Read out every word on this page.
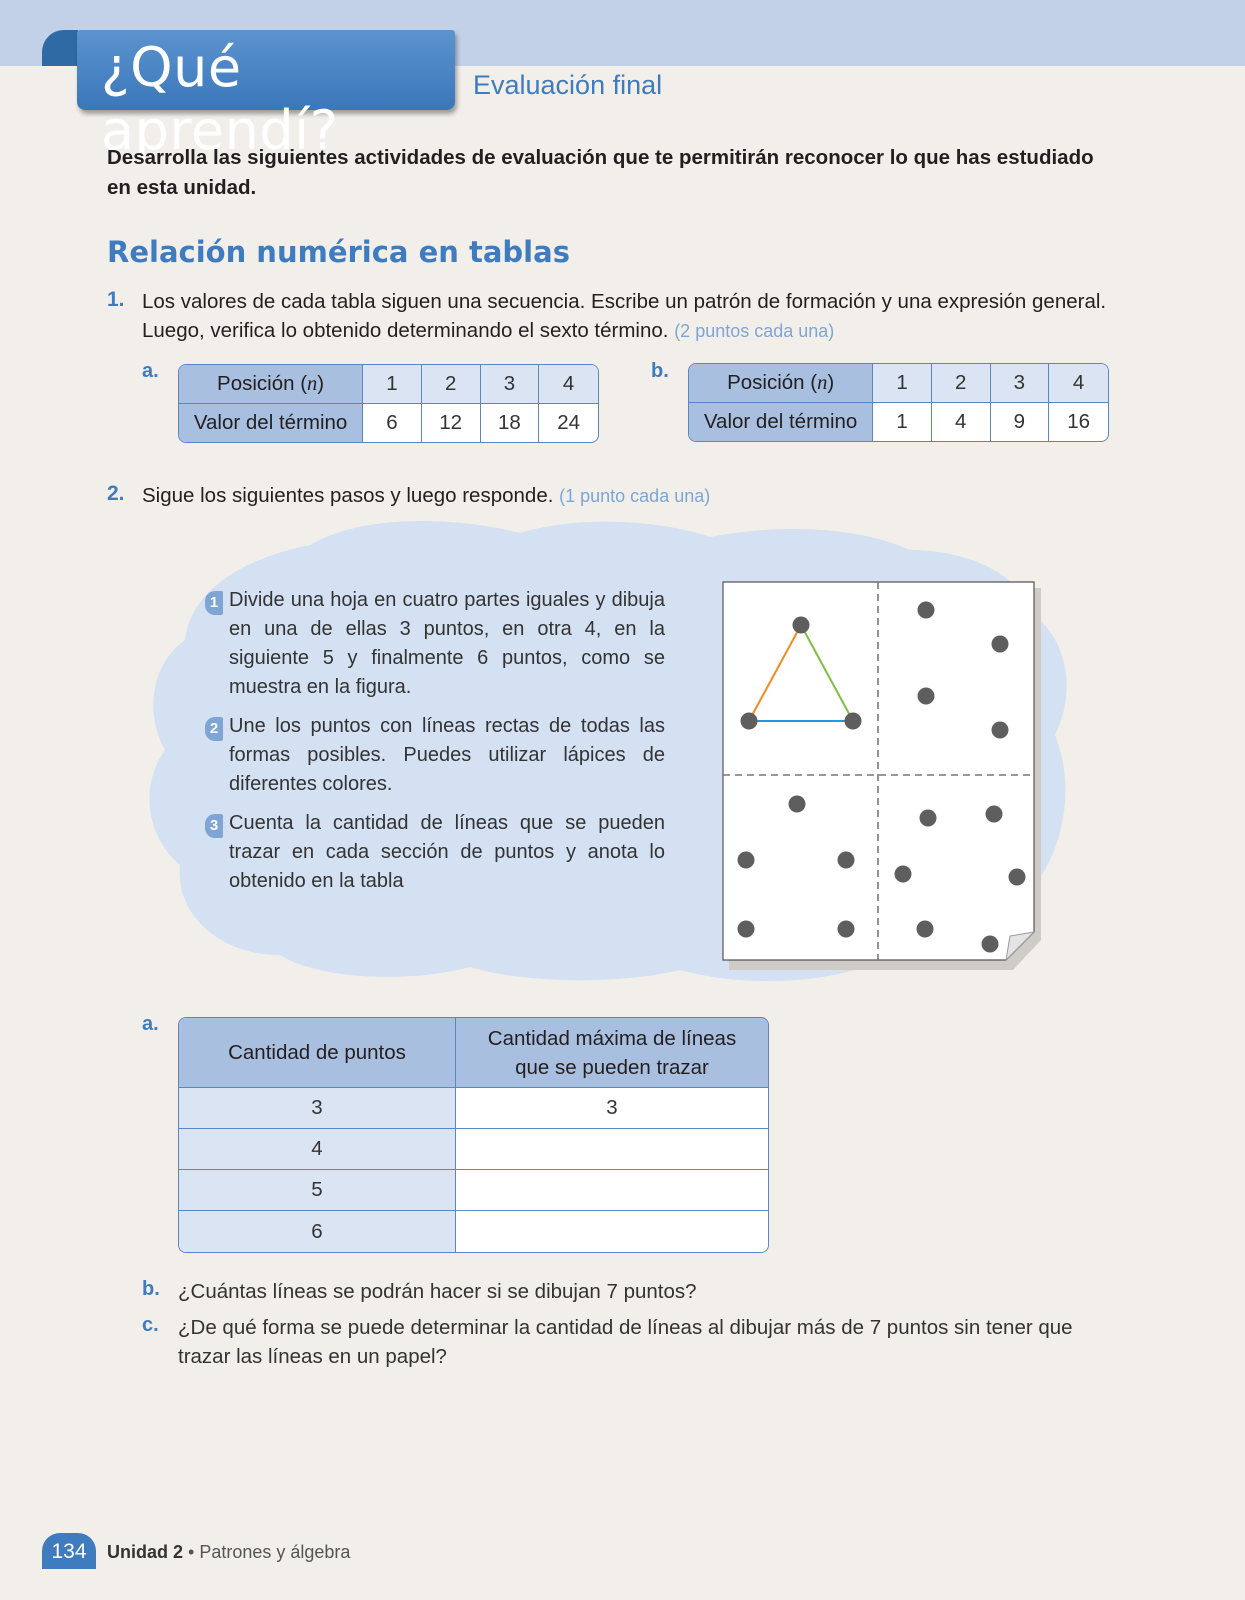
¿Qué aprendí?
Evaluación final

Desarrolla las siguientes actividades de evaluación que te permitirán reconocer lo que has estudiado en esta unidad.

Relación numérica en tablas
1. Los valores de cada tabla siguen una secuencia. Escribe un patrón de formación y una expresión general.
Luego, verifica lo obtenido determinando el sexto término. (2 puntos cada una)
a.
Posición (n)	1	2	3	4
Valor del término	6	12	18	24
b.	Posición (n)	1	2	3	4
Valor del término	1	4	9	16
2. Sigue los siguientes pasos y luego responde. (1 punto cada una)
1 Divide una hoja en cuatro partes iguales y dibuja en una de ellas 3 puntos, en otra 4, en la siguiente 5 y finalmente 6 puntos, como se muestra en la figura.
2 Une los puntos con líneas rectas de todas las formas posibles. Puedes utilizar lápices de diferentes colores.
3 Cuenta la cantidad de líneas que se pueden trazar en cada sección de puntos y anota lo obtenido en la tabla
a.
Cantidad de puntos	Cantidad máxima de líneas
que se pueden trazar

3	3
4	
5	
6	
b. ¿Cuántas líneas se podrán hacer si se dibujan 7 puntos?
c. ¿De qué forma se puede determinar la cantidad de líneas al dibujar más de 7 puntos sin tener que
trazar las líneas en un papel?
134	Unidad 2 • Patrones y álgebra
